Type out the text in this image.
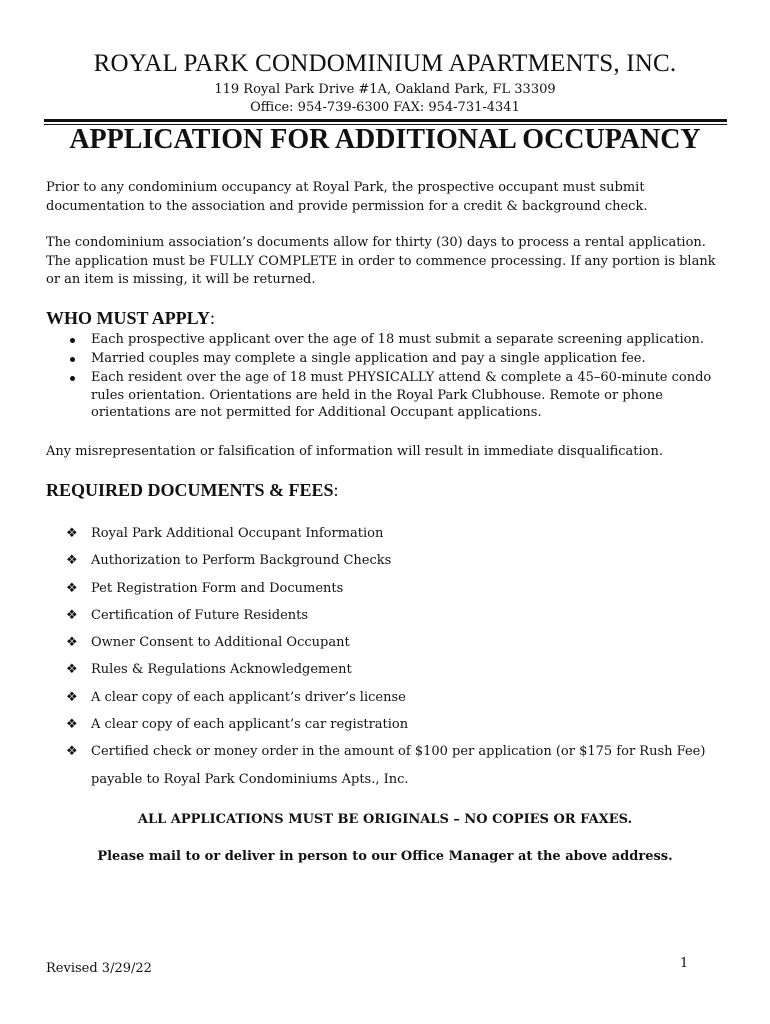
ROYAL PARK CONDOMINIUM APARTMENTS, INC.
119 Royal Park Drive #1A, Oakland Park, FL 33309
Office: 954-739-6300 FAX: 954-731-4341
APPLICATION FOR ADDITIONAL OCCUPANCY
Prior to any condominium occupancy at Royal Park, the prospective occupant must submit documentation to the association and provide permission for a credit & background check.
The condominium association’s documents allow for thirty (30) days to process a rental application. The application must be FULLY COMPLETE in order to commence processing. If any portion is blank or an item is missing, it will be returned.
WHO MUST APPLY:
Each prospective applicant over the age of 18 must submit a separate screening application.
Married couples may complete a single application and pay a single application fee.
Each resident over the age of 18 must PHYSICALLY attend & complete a 45–60-minute condo rules orientation. Orientations are held in the Royal Park Clubhouse. Remote or phone orientations are not permitted for Additional Occupant applications.
Any misrepresentation or falsification of information will result in immediate disqualification.
REQUIRED DOCUMENTS & FEES:
❖ Royal Park Additional Occupant Information
❖ Authorization to Perform Background Checks
❖ Pet Registration Form and Documents
❖ Certification of Future Residents
❖ Owner Consent to Additional Occupant
❖ Rules & Regulations Acknowledgement
❖ A clear copy of each applicant’s driver’s license
❖ A clear copy of each applicant’s car registration
❖ Certified check or money order in the amount of $100 per application (or $175 for Rush Fee) payable to Royal Park Condominiums Apts., Inc.
ALL APPLICATIONS MUST BE ORIGINALS – NO COPIES OR FAXES.
Please mail to or deliver in person to our Office Manager at the above address.
Revised 3/29/22	1
